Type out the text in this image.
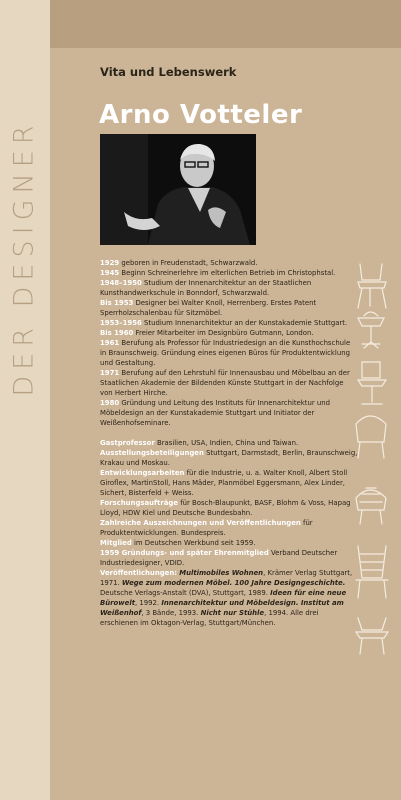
DER DESIGNER
Vita und Lebenswerk
Arno Votteler

1929 geboren in Freudenstadt, Schwarzwald.

1945 Beginn Schreinerlehre im elterlichen Betrieb im Christophstal.

1948–1950 Studium der Innenarchitektur an der Staatlichen Kunsthandwerkschule in Bonndorf, Schwarzwald.

Bis 1953 Designer bei Walter Knoll, Herrenberg. Erstes Patent Sperrholzschalenbau für Sitzmöbel.

1953–1956 Studium Innenarchitektur an der Kunstakademie Stuttgart.

Bis 1960 Freier Mitarbeiter im Designbüro Gutmann, London.

1961 Berufung als Professor für Industriedesign an die Kunsthochschule in Braunschweig. Gründung eines eigenen Büros für Produktentwicklung und Gestaltung.

1971 Berufung auf den Lehrstuhl für Innenausbau und Möbelbau an der Staatlichen Akademie der Bildenden Künste Stuttgart in der Nachfolge von Herbert Hirche.

1980 Gründung und Leitung des Instituts für Innenarchitektur und Möbeldesign an der Kunstakademie Stuttgart und Initiator der Weißenhofseminare.

Gastprofessor Brasilien, USA, Indien, China und Taiwan.

Ausstellungsbeteiligungen Stuttgart, Darmstadt, Berlin, Braunschweig, Krakau und Moskau.

Entwicklungsarbeiten für die Industrie, u. a. Walter Knoll, Albert Stoll Giroflex, MartinStoll, Hans Mäder, Planmöbel Eggersmann, Alex Linder, Sichert, Bisterfeld + Weiss.

Forschungsaufträge für Bosch-Blaupunkt, BASF, Blohm & Voss, Hapag Lloyd, HDW Kiel und Deutsche Bundesbahn.

Zahlreiche Auszeichnungen und Veröffentlichungen für Produktentwicklungen. Bundespreis.

Mitglied im Deutschen Werkbund seit 1959.

1959 Gründungs- und später Ehrenmitglied Verband Deutscher Industriedesigner, VDID.

Veröffentlichungen: Multimobiles Wohnen, Krämer Verlag Stuttgart, 1971. Wege zum modernen Möbel. 100 Jahre Designgeschichte. Deutsche Verlags-Anstalt (DVA), Stuttgart, 1989. Ideen für eine neue Bürowelt, 1992. Innenarchitektur und Möbeldesign. Institut am Weißenhof, 3 Bände, 1993. Nicht nur Stühle, 1994. Alle drei erschienen im Oktagon-Verlag, Stuttgart/München.
